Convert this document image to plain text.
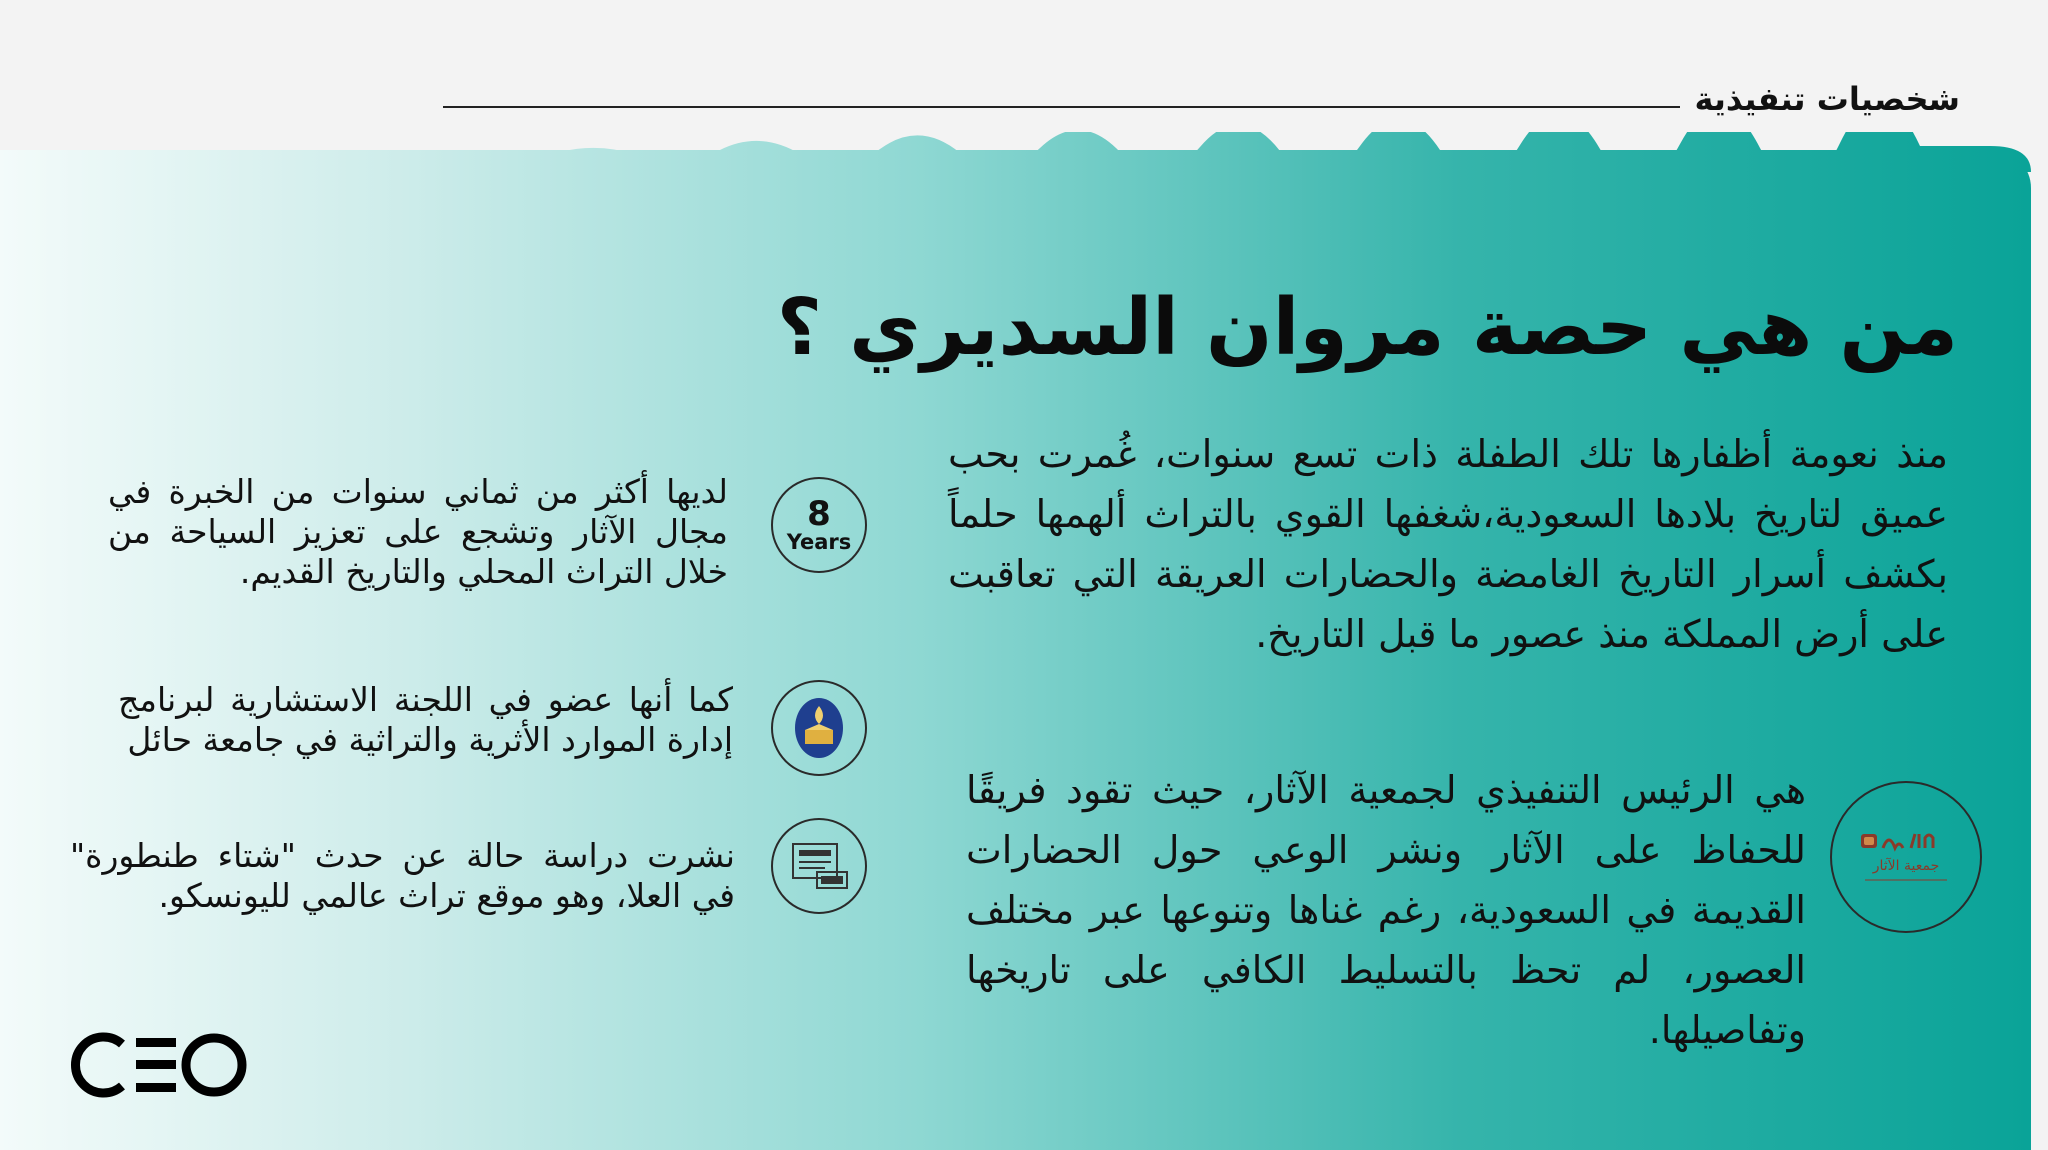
شخصيات تنفيذية
من هي حصة مروان السديري ؟
منذ نعومة أظفارها تلك الطفلة ذات تسع سنوات، غُمرت بحب عميق لتاريخ بلادها السعودية،شغفها القوي بالتراث ألهمها حلماً بكشف أسرار التاريخ الغامضة والحضارات العريقة التي تعاقبت على أرض المملكة منذ عصور ما قبل التاريخ.
جمعية الآثار
هي الرئيس التنفيذي لجمعية الآثار، حيث تقود فريقًا للحفاظ على الآثار ونشر الوعي حول الحضارات القديمة في السعودية، رغم غناها وتنوعها عبر مختلف العصور، لم تحظ بالتسليط الكافي على تاريخها وتفاصيلها.
8
Years
لديها أكثر من ثماني سنوات من الخبرة في مجال الآثار وتشجع على تعزيز السياحة من خلال التراث المحلي والتاريخ القديم.
كما أنها عضو في اللجنة الاستشارية لبرنامج إدارة الموارد الأثرية والتراثية في جامعة حائل
نشرت دراسة حالة عن حدث "شتاء طنطورة" في العلا، وهو موقع تراث عالمي لليونسكو.
CEO
